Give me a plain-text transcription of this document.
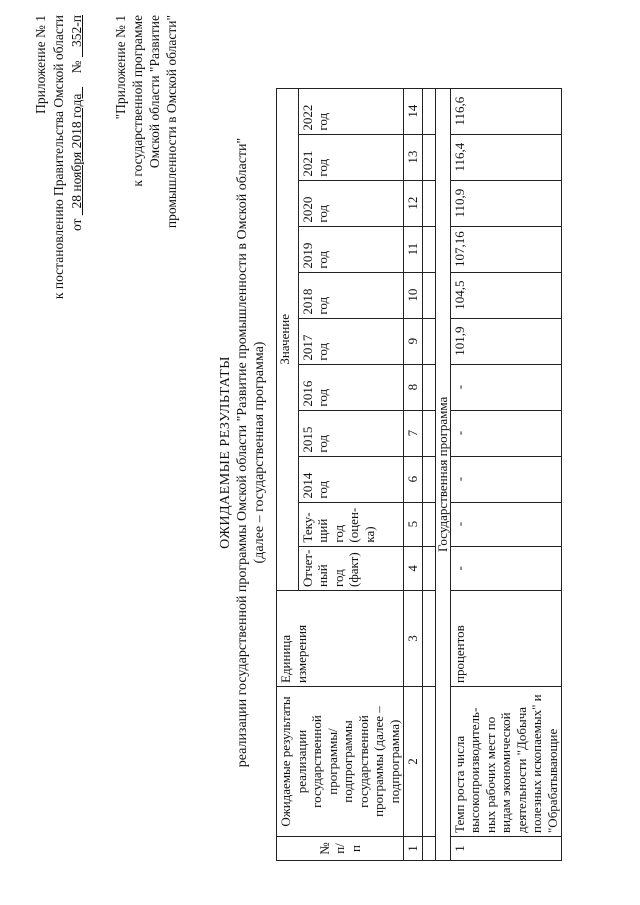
Приложение № 1 к постановлению Правительства Омской области от   28 ноября 2018 года      №    352-п "Приложение № 1 к государственной программе Омской области "Развитие промышленности в Омской области"
ОЖИДАЕМЫЕ РЕЗУЛЬТАТЫ реализации государственной программы Омской области "Развитие промышленности в Омской области" (далее – государственная программа)
№ п/п	Ожидаемые результаты реализации государственной программы/ подпрограммы государственной программы (далее – подпрограмма)	Единица измерения	Значение										
			Отчет-ный год (факт)	Теку-щий год (оцен-ка)	2014 год	2015 год	2016 год	2017 год	2018 год	2019 год	2020 год	2021 год	2022 год
1	2	3	4	5	6	7	8	9	10	11	12	13	14

Государственная программа													
1	Темп роста числа высокопроизводитель-ных рабочих мест по видам экономической деятельности "Добыча полезных ископаемых" и "Обрабатывающие	процентов	-	-	-	-	-	101,9	104,5	107,16	110,9	116,4	116,6
